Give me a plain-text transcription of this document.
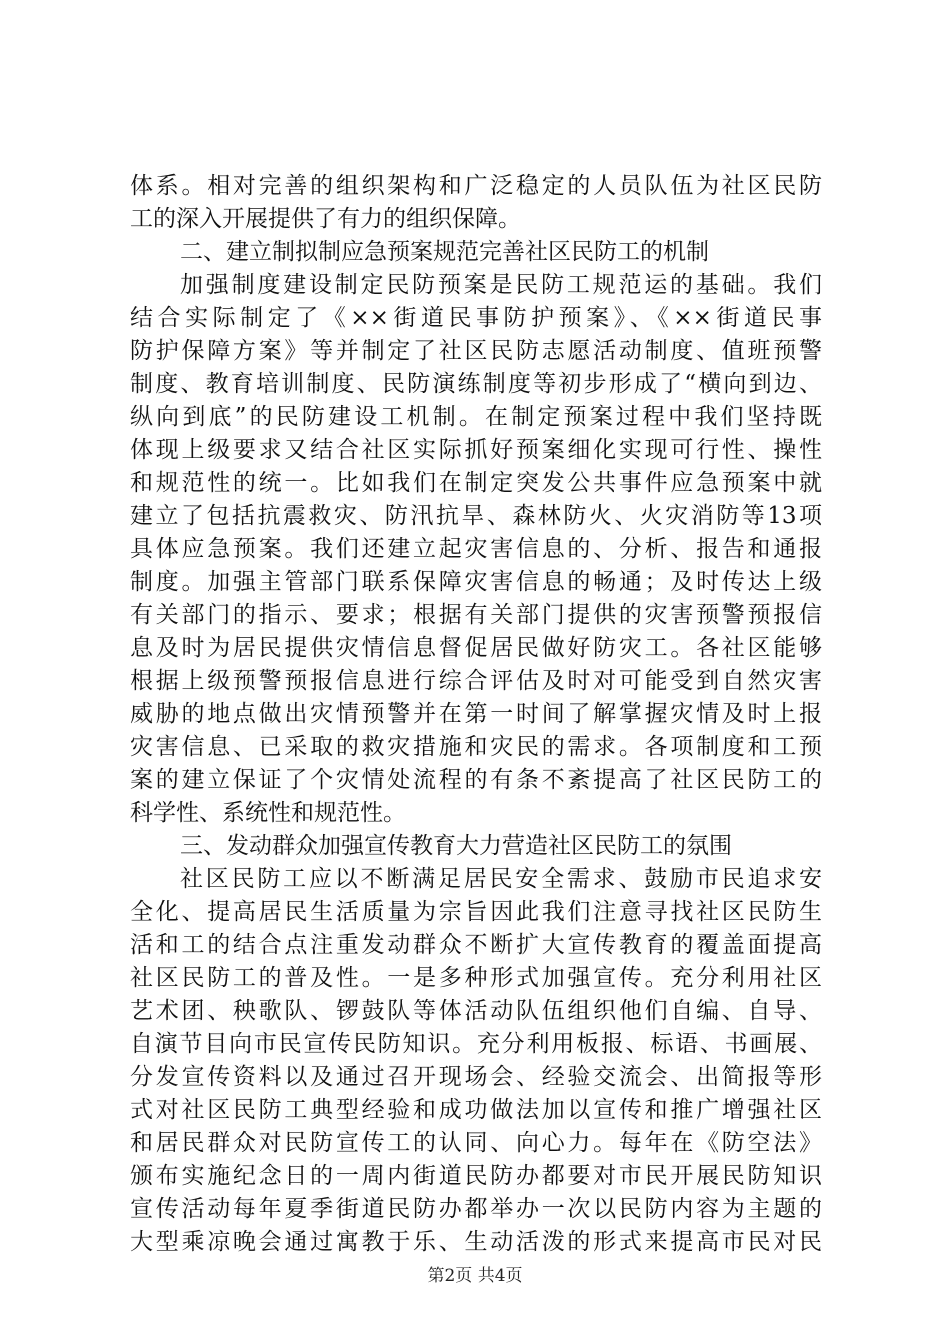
体系。相对完善的组织架构和广泛稳定的人员队伍为社区民防
工的深入开展提供了有力的组织保障。
二、建立制拟制应急预案规范完善社区民防工的机制
加强制度建设制定民防预案是民防工规范运的基础。我们
结合实际制定了《××街道民事防护预案》、《××街道民事
防护保障方案》等并制定了社区民防志愿活动制度、值班预警
制度、教育培训制度、民防演练制度等初步形成了“横向到边、
纵向到底”的民防建设工机制。在制定预案过程中我们坚持既
体现上级要求又结合社区实际抓好预案细化实现可行性、操性
和规范性的统一。比如我们在制定突发公共事件应急预案中就
建立了包括抗震救灾、防汛抗旱、森林防火、火灾消防等13项
具体应急预案。我们还建立起灾害信息的、分析、报告和通报
制度。加强主管部门联系保障灾害信息的畅通；及时传达上级
有关部门的指示、要求；根据有关部门提供的灾害预警预报信
息及时为居民提供灾情信息督促居民做好防灾工。各社区能够
根据上级预警预报信息进行综合评估及时对可能受到自然灾害
威胁的地点做出灾情预警并在第一时间了解掌握灾情及时上报
灾害信息、已采取的救灾措施和灾民的需求。各项制度和工预
案的建立保证了个灾情处流程的有条不紊提高了社区民防工的
科学性、系统性和规范性。
三、发动群众加强宣传教育大力营造社区民防工的氛围
社区民防工应以不断满足居民安全需求、鼓励市民追求安
全化、提高居民生活质量为宗旨因此我们注意寻找社区民防生
活和工的结合点注重发动群众不断扩大宣传教育的覆盖面提高
社区民防工的普及性。一是多种形式加强宣传。充分利用社区
艺术团、秧歌队、锣鼓队等体活动队伍组织他们自编、自导、
自演节目向市民宣传民防知识。充分利用板报、标语、书画展、
分发宣传资料以及通过召开现场会、经验交流会、出简报等形
式对社区民防工典型经验和成功做法加以宣传和推广增强社区
和居民群众对民防宣传工的认同、向心力。每年在《防空法》
颁布实施纪念日的一周内街道民防办都要对市民开展民防知识
宣传活动每年夏季街道民防办都举办一次以民防内容为主题的
大型乘凉晚会通过寓教于乐、生动活泼的形式来提高市民对民
第2页 共4页
